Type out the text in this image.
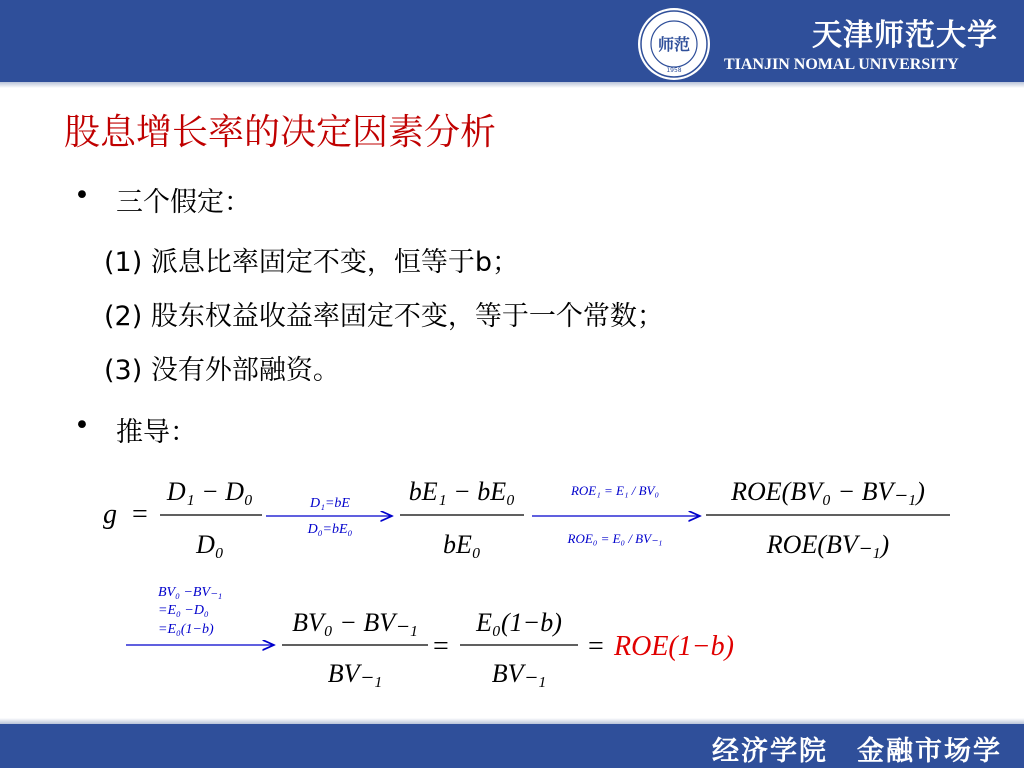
师范
1958
天津师范大学
TIANJIN NOMAL UNIVERSITY
股息增长率的决定因素分析
• 三个假定：
(1) 派息比率固定不变，恒等于b；
(2) 股东权益收益率固定不变，等于一个常数；
(3) 没有外部融资。
• 推导：
g =
D₁ − D₀
D₀
D₁=bE
D₀=bE₀
bE₁ − bE₀
bE₀
ROE₁ = E₁ / BV₀
ROE₀ = E₀ / BV₋₁
ROE(BV₀ − BV₋₁)
ROE(BV₋₁)
BV₀ −BV₋₁
=E₀ −D₀
=E₀(1−b)	BV₀ − BV₋₁
BV₋₁
=
E₀(1−b)
BV₋₁
= ROE(1−b)
经济学院　金融市场学
